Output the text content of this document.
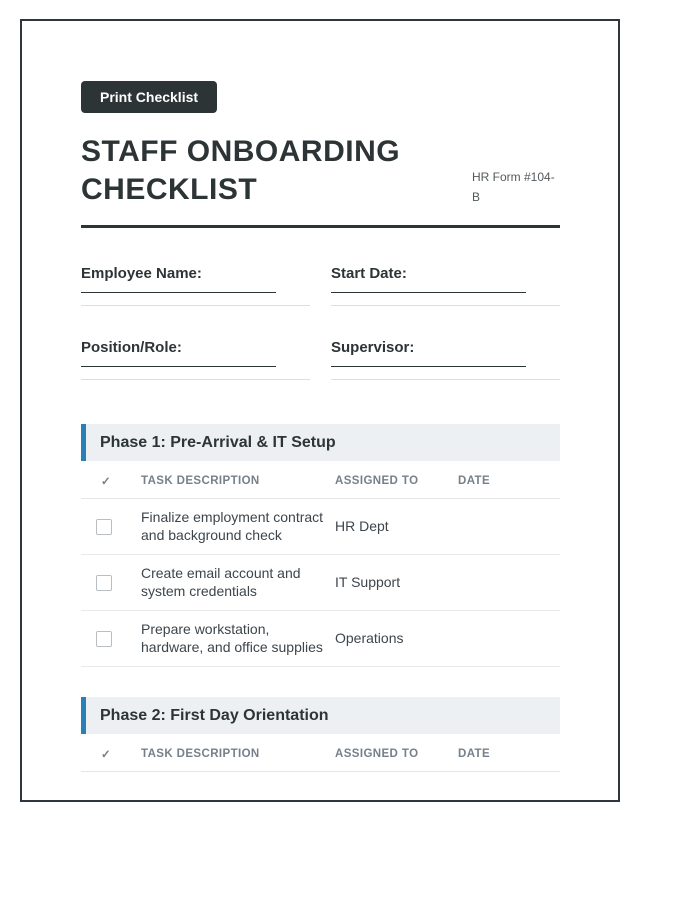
Print Checklist
STAFF ONBOARDING CHECKLIST	HR Form #104-B
Employee Name:	Start Date:
Position/Role:	Supervisor:
Phase 1: Pre-Arrival & IT Setup
✓	TASK DESCRIPTION	ASSIGNED TO	DATE

	Finalize employment contract and background check	HR Dept	

	Create email account and system credentials	IT Support	

	Prepare workstation, hardware, and office supplies	Operations	
Phase 2: First Day Orientation
✓	TASK DESCRIPTION	ASSIGNED TO	DATE
